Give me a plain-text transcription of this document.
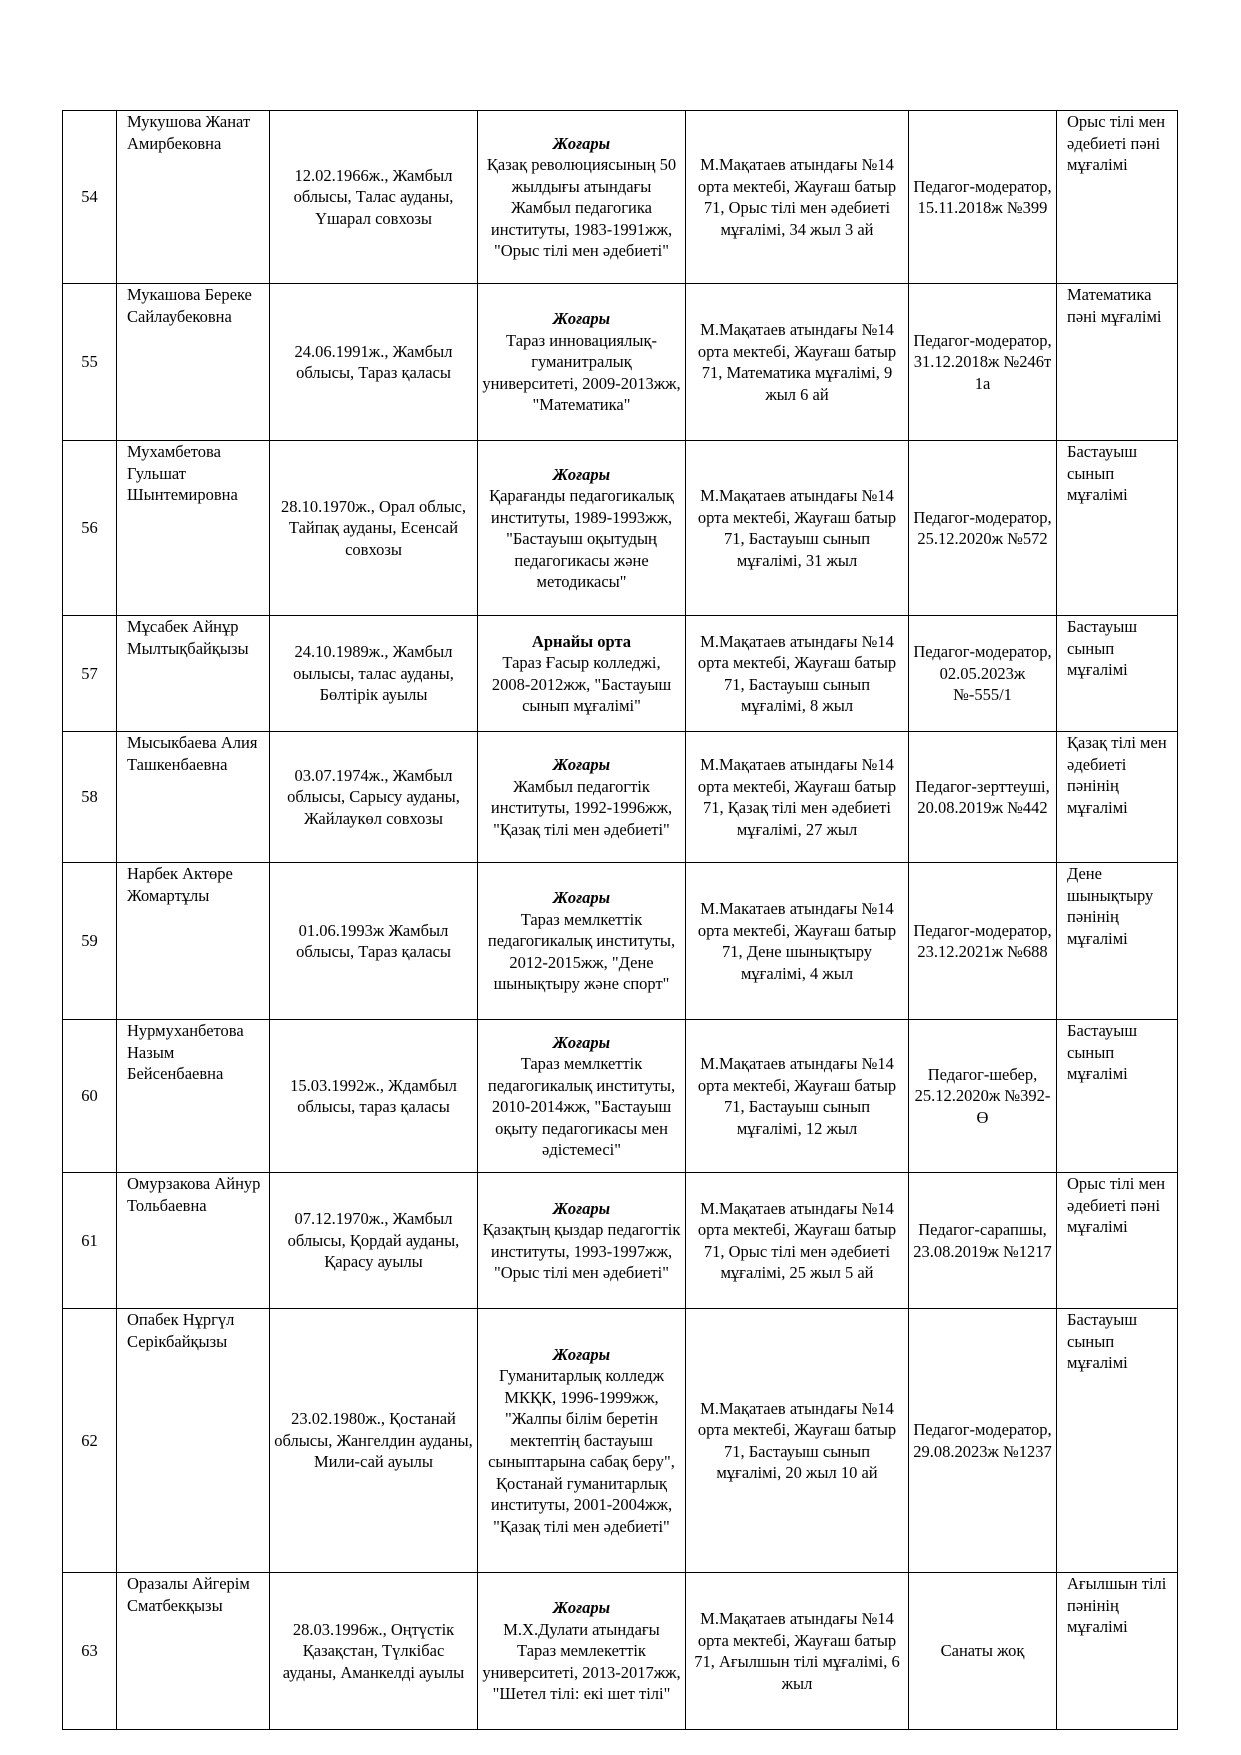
54	Мукушова Жанат Амирбековна	12.02.1966ж., Жамбыл облысы, Талас ауданы, Үшарал совхозы	Жоғары
Қазақ революциясының 50 жылдығы атындағы Жамбыл педагогика институты, 1983-1991жж, "Орыс тілі мен әдебиеті"	М.Мақатаев атындағы №14 орта мектебі, Жауғаш батыр 71, Орыс тілі мен әдебиеті мұғалімі, 34 жыл 3 ай	Педагог-модератор, 15.11.2018ж №399	Орыс тілі мен әдебиеті пәні мұғалімі
55	Мукашова Береке Сайлаубековна	24.06.1991ж., Жамбыл облысы, Тараз қаласы	Жоғары
Тараз инновациялық-гуманитралық университеті, 2009-2013жж, "Математика"	М.Мақатаев атындағы №14 орта мектебі, Жауғаш батыр 71, Математика мұғалімі, 9 жыл 6 ай	Педагог-модератор, 31.12.2018ж №246т 1а	Математика пәні мұғалімі
56	Мухамбетова Гульшат Шынтемировна	28.10.1970ж., Орал облыс, Тайпақ ауданы, Есенсай совхозы	Жоғары
Қарағанды педагогикалық институты, 1989-1993жж, "Бастауыш оқытудың педагогикасы және методикасы"	М.Мақатаев атындағы №14 орта мектебі, Жауғаш батыр 71, Бастауыш сынып мұғалімі, 31 жыл	Педагог-модератор, 25.12.2020ж №572	Бастауыш сынып мұғалімі
57	Мұсабек Айнұр Мылтықбайқызы	24.10.1989ж., Жамбыл оылысы, талас ауданы, Бөлтірік ауылы	Арнайы орта
Тараз Ғасыр колледжі, 2008-2012жж, "Бастауыш сынып мұғалімі"	М.Мақатаев атындағы №14 орта мектебі, Жауғаш батыр 71, Бастауыш сынып мұғалімі, 8 жыл	Педагог-модератор, 02.05.2023ж №-555/1	Бастауыш сынып мұғалімі
58	Мысыкбаева Алия Ташкенбаевна	03.07.1974ж., Жамбыл облысы, Сарысу ауданы, Жайлаукөл совхозы	Жоғары
Жамбыл педагогтік институты, 1992-1996жж, "Қазақ тілі мен әдебиеті"	М.Мақатаев атындағы №14 орта мектебі, Жауғаш батыр 71, Қазақ тілі мен әдебиеті мұғалімі, 27 жыл	Педагог-зерттеуші, 20.08.2019ж №442	Қазақ тілі мен әдебиеті пәнінің мұғалімі
59	Нарбек Актөре Жомартұлы	01.06.1993ж Жамбыл облысы, Тараз қаласы	Жоғары
Тараз мемлкеттік педагогикалық институты, 2012-2015жж, "Дене шынықтыру және спорт"	М.Макатаев атындағы №14 орта мектебі, Жауғаш батыр 71, Дене шынықтыру мұғалімі, 4 жыл	Педагог-модератор, 23.12.2021ж №688	Дене шынықтыру пәнінің мұғалімі
60	Нурмуханбетова Назым Бейсенбаевна	15.03.1992ж., Ждамбыл облысы, тараз қаласы	Жоғары
Тараз мемлкеттік педагогикалық институты, 2010-2014жж, "Бастауыш оқыту педагогикасы мен әдістемесі"	М.Мақатаев атындағы №14 орта мектебі, Жауғаш батыр 71, Бастауыш сынып мұғалімі, 12 жыл	Педагог-шебер, 25.12.2020ж №392-Ө	Бастауыш сынып мұғалімі
61	Омурзакова Айнур Тольбаевна	07.12.1970ж., Жамбыл облысы, Қордай ауданы, Қарасу ауылы	Жоғары
Қазақтың қыздар педагогтік институты, 1993-1997жж, "Орыс тілі мен әдебиеті"	М.Мақатаев атындағы №14 орта мектебі, Жауғаш батыр 71, Орыс тілі мен әдебиеті мұғалімі, 25 жыл 5 ай	Педагог-сарапшы, 23.08.2019ж №1217	Орыс тілі мен әдебиеті пәні мұғалімі
62	Опабек Нұргүл Серікбайқызы	23.02.1980ж., Қостанай облысы, Жангелдин ауданы, Мили-сай ауылы	Жоғары
Гуманитарлық колледж МКҚК, 1996-1999жж, "Жалпы білім беретін мектептің бастауыш сыныптарына сабақ беру", Қостанай гуманитарлық институты, 2001-2004жж, "Қазақ тілі мен әдебиеті"	М.Мақатаев атындағы №14 орта мектебі, Жауғаш батыр 71, Бастауыш сынып мұғалімі, 20 жыл 10 ай	Педагог-модератор, 29.08.2023ж №1237	Бастауыш сынып мұғалімі
63	Оразалы Айгерім Сматбекқызы	28.03.1996ж., Оңтүстік Қазақстан, Түлкібас ауданы, Аманкелді ауылы	Жоғары
М.Х.Дулати атындағы Тараз мемлекеттік университеті, 2013-2017жж, "Шетел тілі: екі шет тілі"	М.Мақатаев атындағы №14 орта мектебі, Жауғаш батыр 71, Ағылшын тілі мұғалімі, 6 жыл	Санаты жоқ	Ағылшын тілі пәнінің мұғалімі
